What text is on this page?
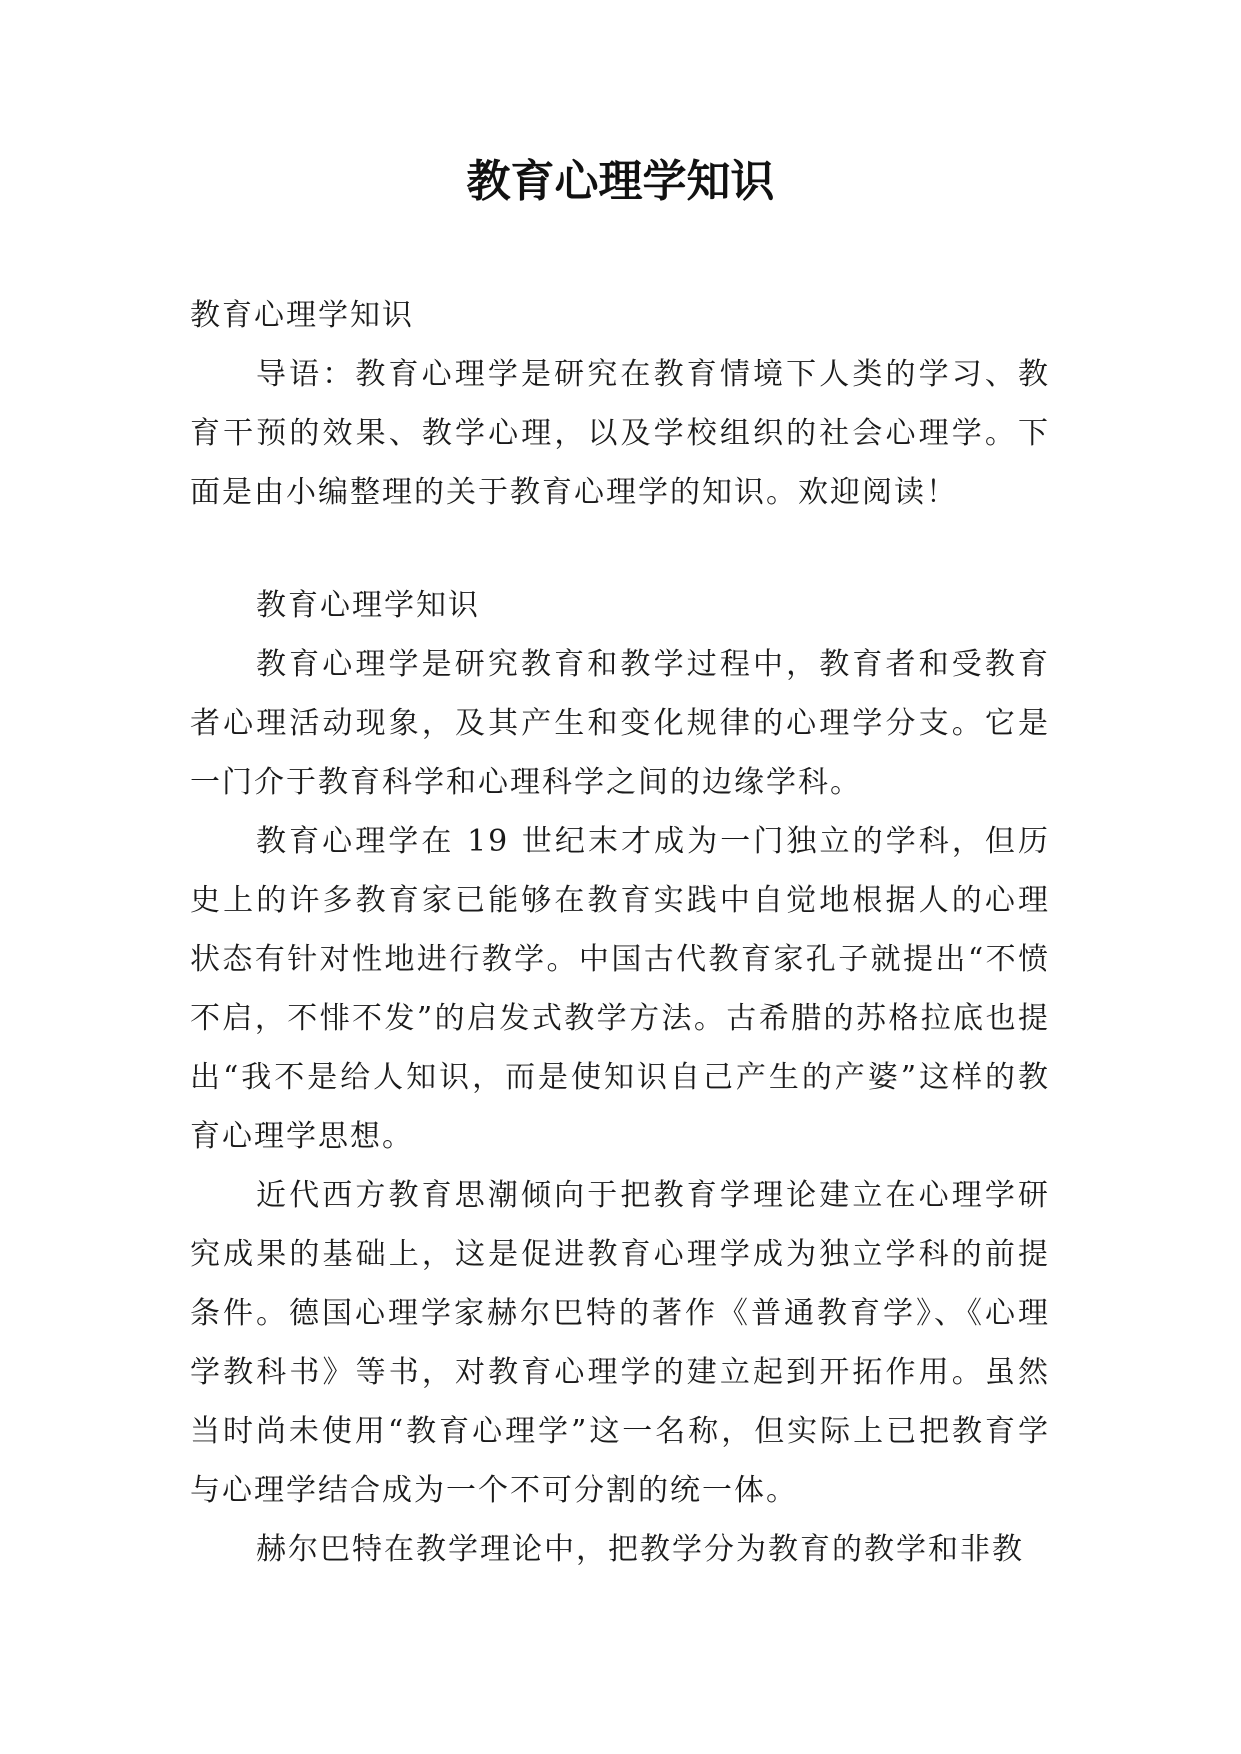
教育心理学知识

教育心理学知识

导语：教育心理学是研究在教育情境下人类的学习、教育干预的效果、教学心理，以及学校组织的社会心理学。下面是由小编整理的关于教育心理学的知识。欢迎阅读！

教育心理学知识

教育心理学是研究教育和教学过程中，教育者和受教育者心理活动现象，及其产生和变化规律的心理学分支。它是一门介于教育科学和心理科学之间的边缘学科。

教育心理学在 19 世纪末才成为一门独立的学科，但历史上的许多教育家已能够在教育实践中自觉地根据人的心理状态有针对性地进行教学。中国古代教育家孔子就提出“不愤不启，不悱不发”的启发式教学方法。古希腊的苏格拉底也提出“我不是给人知识，而是使知识自己产生的产婆”这样的教育心理学思想。

近代西方教育思潮倾向于把教育学理论建立在心理学研究成果的基础上，这是促进教育心理学成为独立学科的前提条件。德国心理学家赫尔巴特的著作《普通教育学》、《心理学教科书》等书，对教育心理学的建立起到开拓作用。虽然当时尚未使用“教育心理学”这一名称，但实际上已把教育学与心理学结合成为一个不可分割的统一体。

赫尔巴特在教学理论中，把教学分为教育的教学和非教
